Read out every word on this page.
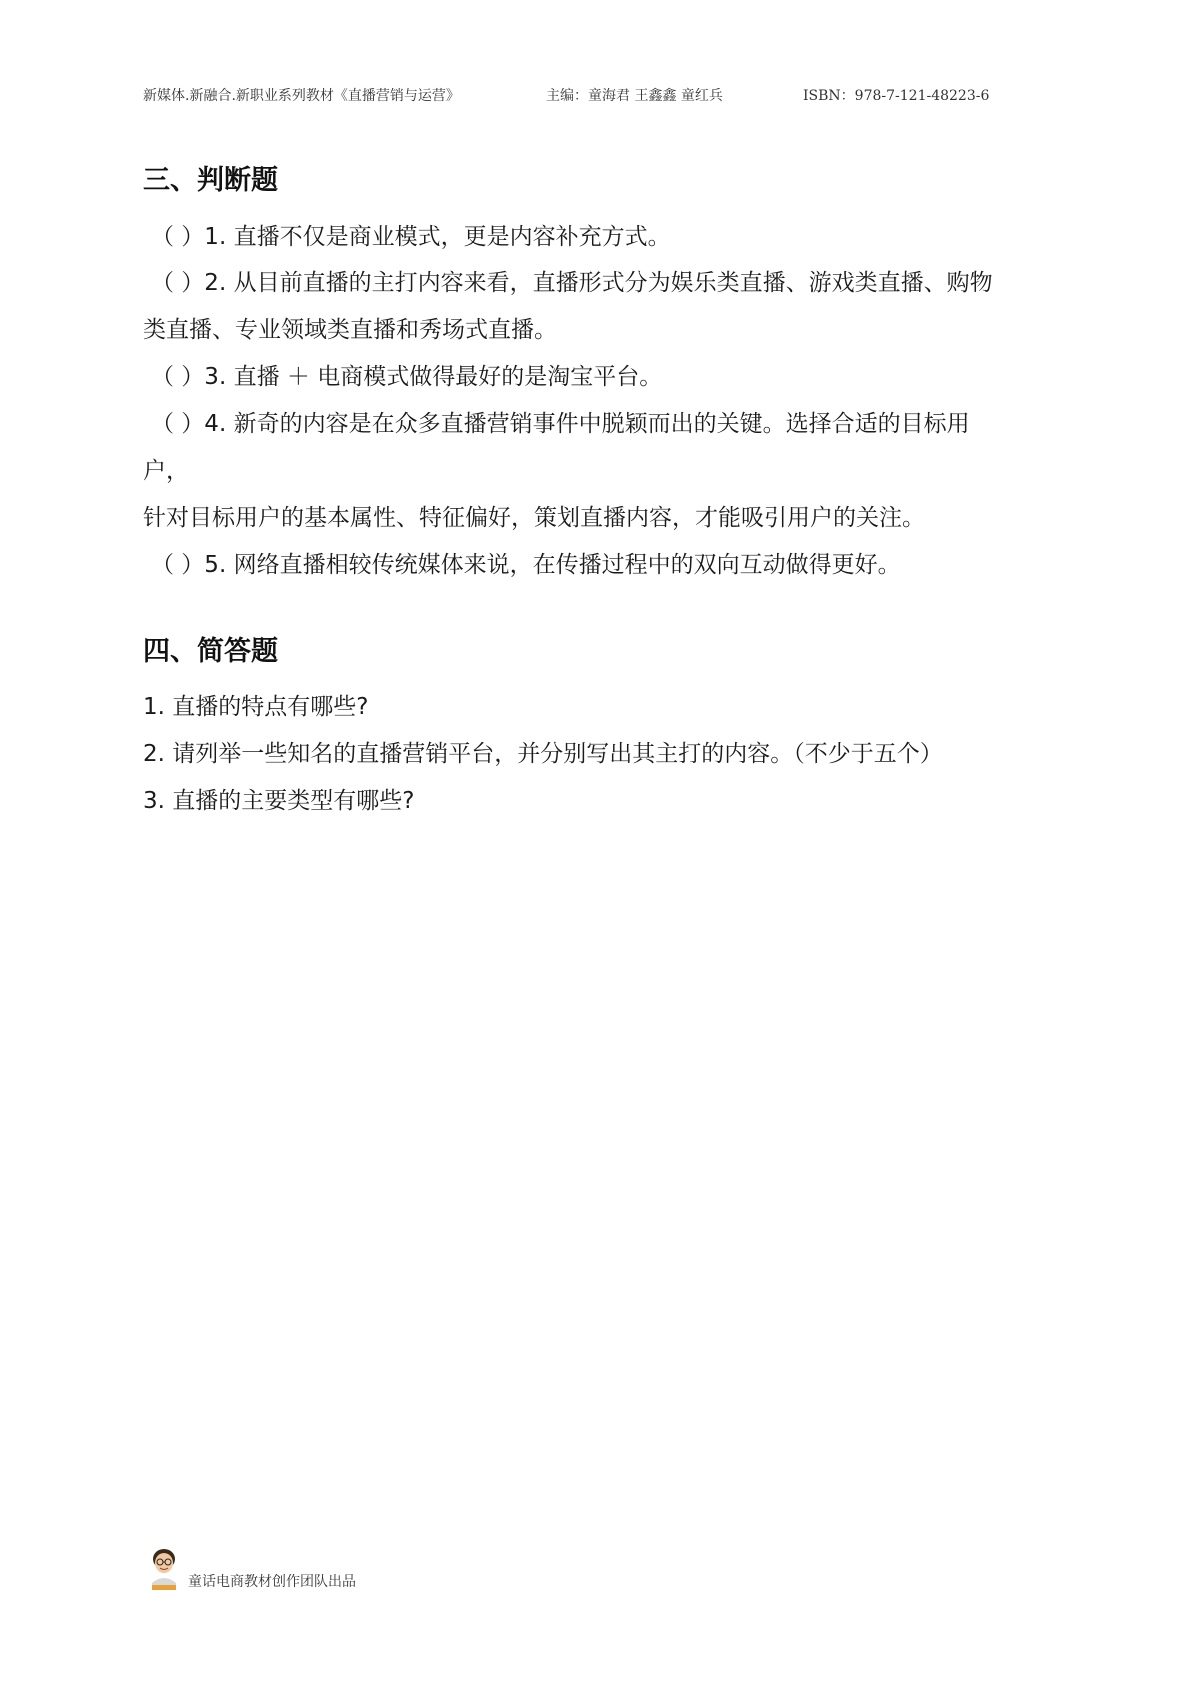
新媒体.新融合.新职业系列教材《直播营销与运营》	主编：童海君 王鑫鑫 童红兵	ISBN：978-7-121-48223-6
三、判断题

（ ）1. 直播不仅是商业模式，更是内容补充方式。

（ ）2. 从目前直播的主打内容来看，直播形式分为娱乐类直播、游戏类直播、购物

类直播、专业领域类直播和秀场式直播。

（ ）3. 直播 ＋ 电商模式做得最好的是淘宝平台。

（ ）4. 新奇的内容是在众多直播营销事件中脱颖而出的关键。选择合适的目标用

户，

针对目标用户的基本属性、特征偏好，策划直播内容，才能吸引用户的关注。

（ ）5. 网络直播相较传统媒体来说，在传播过程中的双向互动做得更好。

四、简答题

1. 直播的特点有哪些?

2. 请列举一些知名的直播营销平台，并分别写出其主打的内容。（不少于五个）

3. 直播的主要类型有哪些?

童话电商教材创作团队出品
